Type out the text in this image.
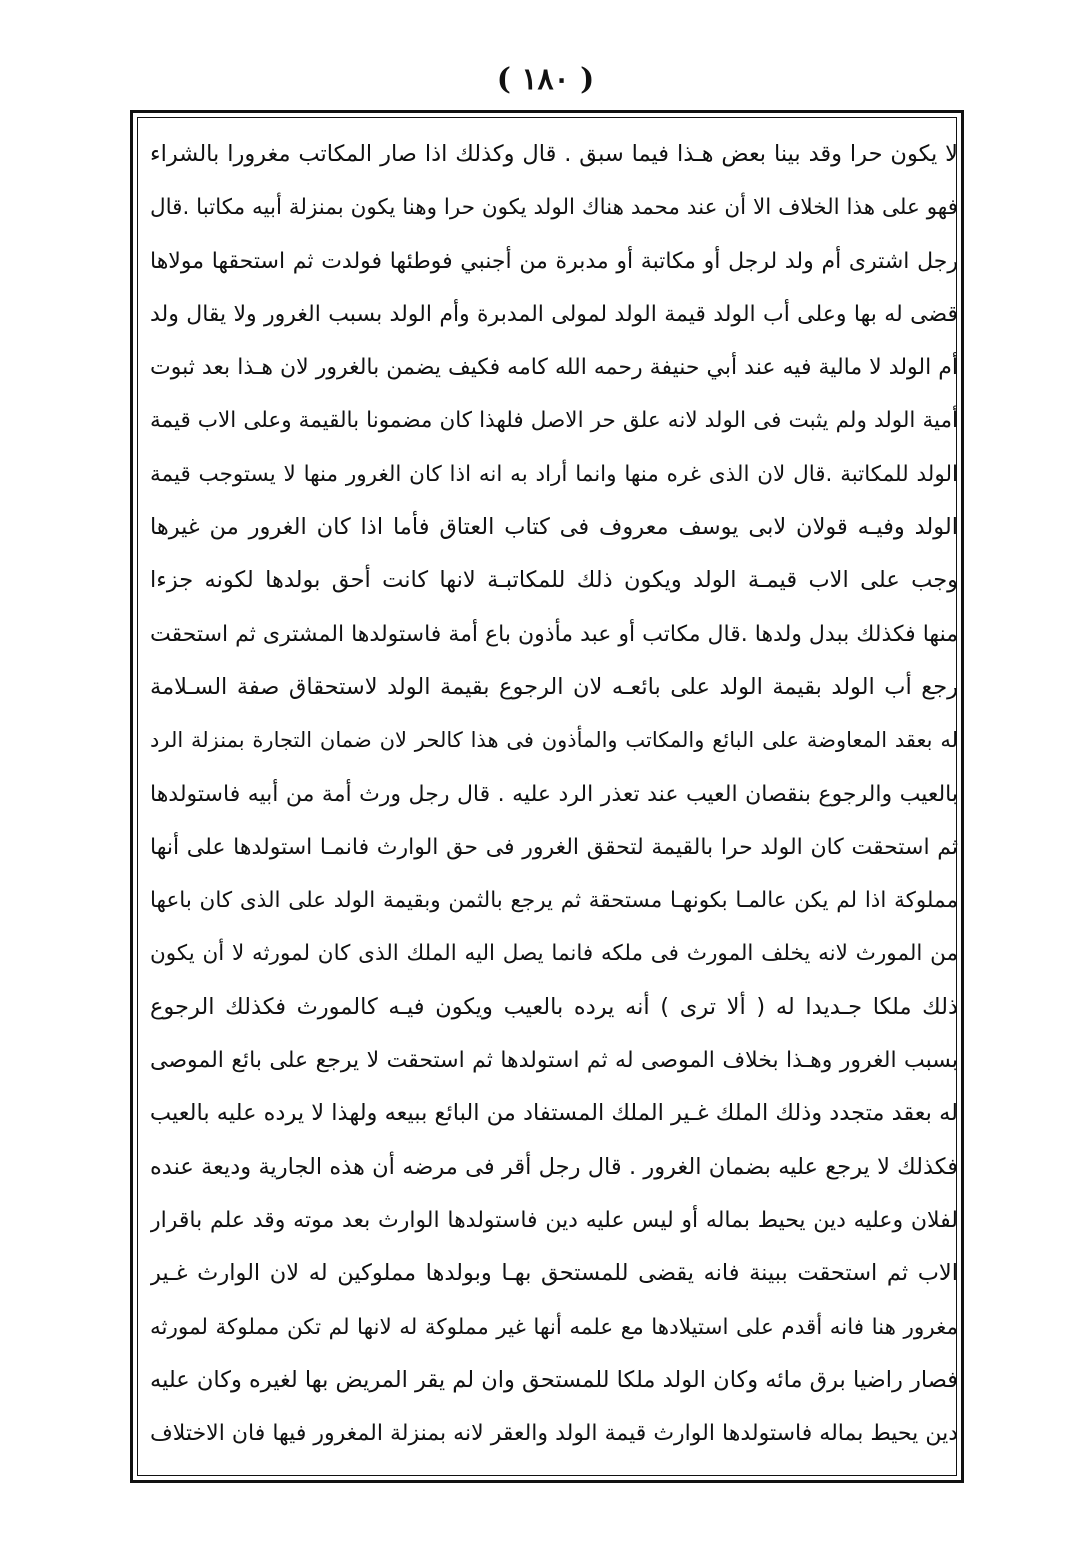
( ١٨٠ )
لا يكون حرا وقد بينا بعض هـذا فيما سبق . قال وكذلك اذا صار المكاتب مغرورا بالشراء
فهو على هذا الخلاف الا أن عند محمد هناك الولد يكون حرا وهنا يكون بمنزلة أبيه مكاتبا .قال
رجل اشترى أم ولد لرجل أو مكاتبة أو مدبرة من أجنبي فوطئها فولدت ثم استحقها مولاها
قضى له بها وعلى أب الولد قيمة الولد لمولى المدبرة وأم الولد بسبب الغرور ولا يقال ولد
أم الولد لا مالية فيه عند أبي حنيفة رحمه الله كامه فكيف يضمن بالغرور لان هـذا بعد ثبوت
أمية الولد ولم يثبت فى الولد لانه علق حر الاصل فلهذا كان مضمونا بالقيمة وعلى الاب قيمة
الولد للمكاتبة .قال لان الذى غره منها وانما أراد به انه اذا كان الغرور منها لا يستوجب قيمة
الولد وفيـه قولان لابى يوسف معروف فى كتاب العتاق فأما اذا كان الغرور من غيرها
وجب على الاب قيمـة الولد ويكون ذلك للمكاتبـة لانها كانت أحق بولدها لكونه جزءا
منها فكذلك ببدل ولدها .قال مكاتب أو عبد مأذون باع أمة فاستولدها المشترى ثم استحقت
رجع أب الولد بقيمة الولد على بائعـه لان الرجوع بقيمة الولد لاستحقاق صفة السـلامة
له بعقد المعاوضة على البائع والمكاتب والمأذون فى هذا كالحر لان ضمان التجارة بمنزلة الرد
بالعيب والرجوع بنقصان العيب عند تعذر الرد عليه . قال رجل ورث أمة من أبيه فاستولدها
ثم استحقت كان الولد حرا بالقيمة لتحقق الغرور فى حق الوارث فانمـا استولدها على أنها
مملوكة اذا لم يكن عالمـا بكونهـا مستحقة ثم يرجع بالثمن وبقيمة الولد على الذى كان باعها
من المورث لانه يخلف المورث فى ملكه فانما يصل اليه الملك الذى كان لمورثه لا أن يكون
ذلك ملكا جـديدا له ( ألا ترى ) أنه يرده بالعيب ويكون فيـه كالمورث فكذلك الرجوع
بسبب الغرور وهـذا بخلاف الموصى له ثم استولدها ثم استحقت لا يرجع على بائع الموصى
له بعقد متجدد وذلك الملك غـير الملك المستفاد من البائع ببيعه ولهذا لا يرده عليه بالعيب
فكذلك لا يرجع عليه بضمان الغرور . قال رجل أقر فى مرضه أن هذه الجارية وديعة عنده
لفلان وعليه دين يحيط بماله أو ليس عليه دين فاستولدها الوارث بعد موته وقد علم باقرار
الاب ثم استحقت ببينة فانه يقضى للمستحق بهـا وبولدها مملوكين له لان الوارث غـير
مغرور هنا فانه أقدم على استيلادها مع علمه أنها غير مملوكة له لانها لم تكن مملوكة لمورثه
فصار راضيا برق مائه وكان الولد ملكا للمستحق وان لم يقر المريض بها لغيره وكان عليه
دين يحيط بماله فاستولدها الوارث قيمة الولد والعقر لانه بمنزلة المغرور فيها فان الاختلاف
